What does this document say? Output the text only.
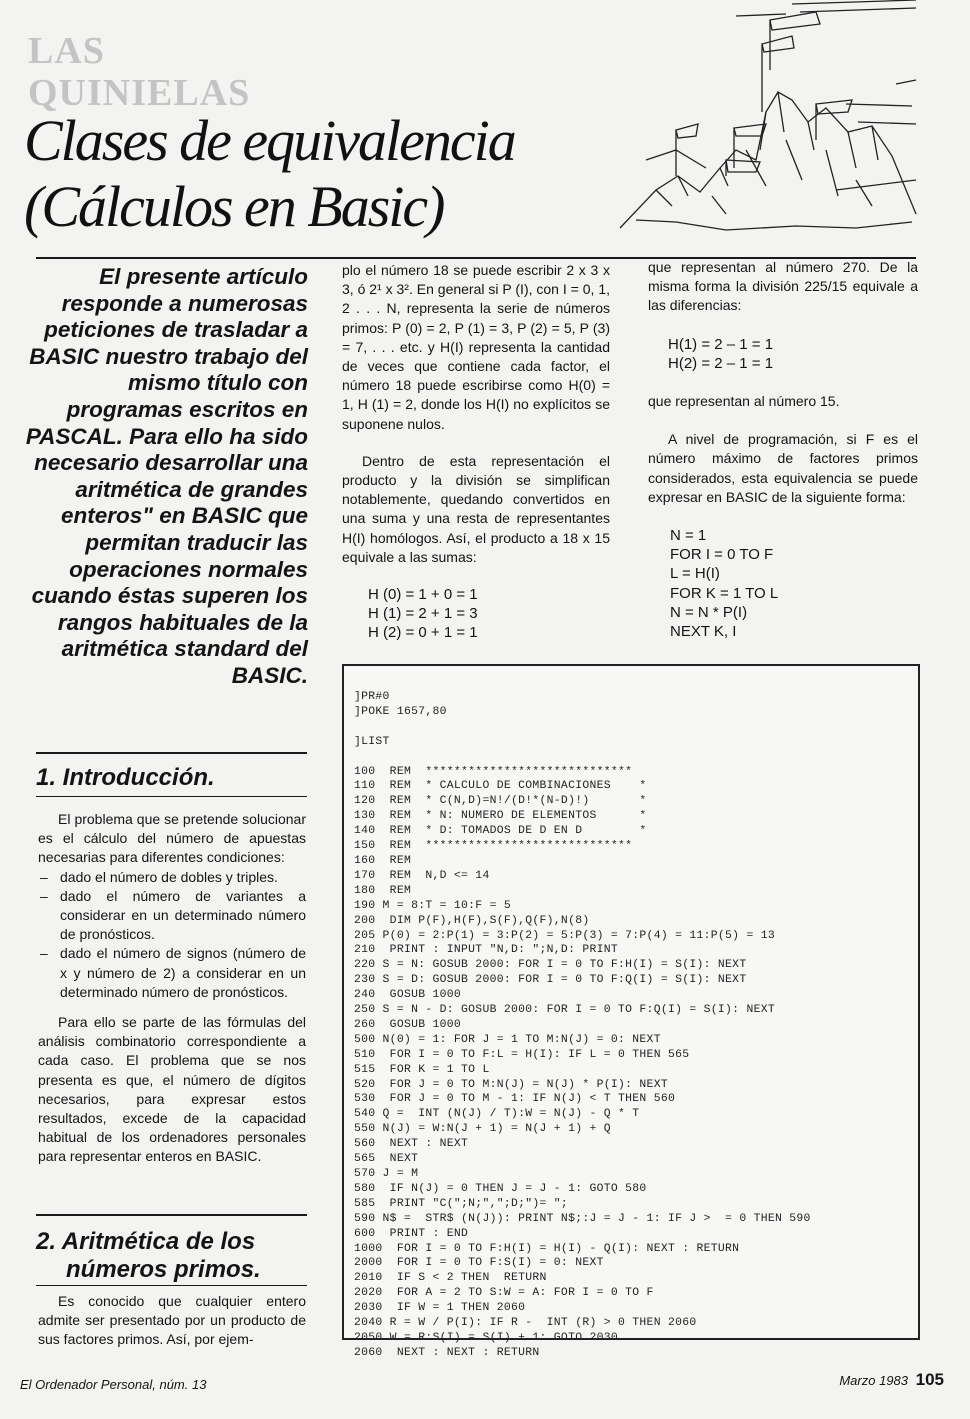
LAS QUINIELAS
Clases de equivalencia
(Cálculos en Basic)
El presente artículo responde a numerosas peticiones de trasladar a BASIC nuestro trabajo del mismo título con programas escritos en PASCAL. Para ello ha sido necesario desarrollar una aritmética de grandes enteros" en BASIC que permitan traducir las operaciones normales cuando éstas superen los rangos habituales de la aritmética standard del BASIC.
1. Introducción.

El problema que se pretende solucionar es el cálculo del número de apuestas necesarias para diferentes condiciones:

– dado el número de dobles y triples.
– dado el número de variantes a considerar en un determinado número de pronósticos.
– dado el número de signos (número de x y número de 2) a considerar en un determinado número de pronósticos.

Para ello se parte de las fórmulas del análisis combinatorio correspondiente a cada caso. El problema que se nos presenta es que, el número de dígitos necesarios, para expresar estos resultados, excede de la capacidad habitual de los ordenadores personales para representar enteros en BASIC.

2. Aritmética de los
números primos.
Es conocido que cualquier entero admite ser presentado por un producto de sus factores primos. Así, por ejem-

plo el número 18 se puede escribir 2 x 3 x 3, ó 2¹ x 3². En general si P (I), con I = 0, 1, 2 . . . N, representa la serie de números primos: P (0) = 2, P (1) = 3, P (2) = 5, P (3) = 7, . . . etc. y H(I) representa la cantidad de veces que contiene cada factor, el número 18 puede escribirse como H(0) = 1, H (1) = 2, donde los H(I) no explícitos se suponene nulos.

Dentro de esta representación el producto y la división se simplifican notablemente, quedando convertidos en una suma y una resta de representantes H(I) homólogos. Así, el producto a 18 x 15 equivale a las sumas:

H (0) = 1 + 0 = 1
H (1) = 2 + 1 = 3
H (2) = 0 + 1 = 1

que representan al número 270. De la misma forma la división 225/15 equivale a las diferencias:

H(1) = 2 – 1 = 1
H(2) = 2 – 1 = 1

que representan al número 15.

A nivel de programación, si F es el número máximo de factores primos considerados, esta equivalencia se puede expresar en BASIC de la siguiente forma:

N = 1
FOR I = 0 TO F
L = H(I)
FOR K = 1 TO L
N = N * P(I)
NEXT K, I
]PR#0
]POKE 1657,80

]LIST

100  REM  *****************************
110  REM  * CALCULO DE COMBINACIONES    *
120  REM  * C(N,D)=N!/(D!*(N-D)!)       *
130  REM  * N: NUMERO DE ELEMENTOS      *
140  REM  * D: TOMADOS DE D EN D        *
150  REM  *****************************
160  REM
170  REM  N,D <= 14
180  REM
190 M = 8:T = 10:F = 5
200  DIM P(F),H(F),S(F),Q(F),N(8)
205 P(0) = 2:P(1) = 3:P(2) = 5:P(3) = 7:P(4) = 11:P(5) = 13
210  PRINT : INPUT "N,D: ";N,D: PRINT
220 S = N: GOSUB 2000: FOR I = 0 TO F:H(I) = S(I): NEXT
230 S = D: GOSUB 2000: FOR I = 0 TO F:Q(I) = S(I): NEXT
240  GOSUB 1000
250 S = N - D: GOSUB 2000: FOR I = 0 TO F:Q(I) = S(I): NEXT
260  GOSUB 1000
500 N(0) = 1: FOR J = 1 TO M:N(J) = 0: NEXT
510  FOR I = 0 TO F:L = H(I): IF L = 0 THEN 565
515  FOR K = 1 TO L
520  FOR J = 0 TO M:N(J) = N(J) * P(I): NEXT
530  FOR J = 0 TO M - 1: IF N(J) < T THEN 560
540 Q =  INT (N(J) / T):W = N(J) - Q * T
550 N(J) = W:N(J + 1) = N(J + 1) + Q
560  NEXT : NEXT
565  NEXT
570 J = M
580  IF N(J) = 0 THEN J = J - 1: GOTO 580
585  PRINT "C(";N;",";D;")= ";
590 N$ =  STR$ (N(J)): PRINT N$;:J = J - 1: IF J >  = 0 THEN 590
600  PRINT : END
1000  FOR I = 0 TO F:H(I) = H(I) - Q(I): NEXT : RETURN
2000  FOR I = 0 TO F:S(I) = 0: NEXT
2010  IF S < 2 THEN  RETURN
2020  FOR A = 2 TO S:W = A: FOR I = 0 TO F
2030  IF W = 1 THEN 2060
2040 R = W / P(I): IF R -  INT (R) > 0 THEN 2060
2050 W = R:S(I) = S(I) + 1: GOTO 2030
2060  NEXT : NEXT : RETURN
El Ordenador Personal, núm. 13	Marzo 1983 105
